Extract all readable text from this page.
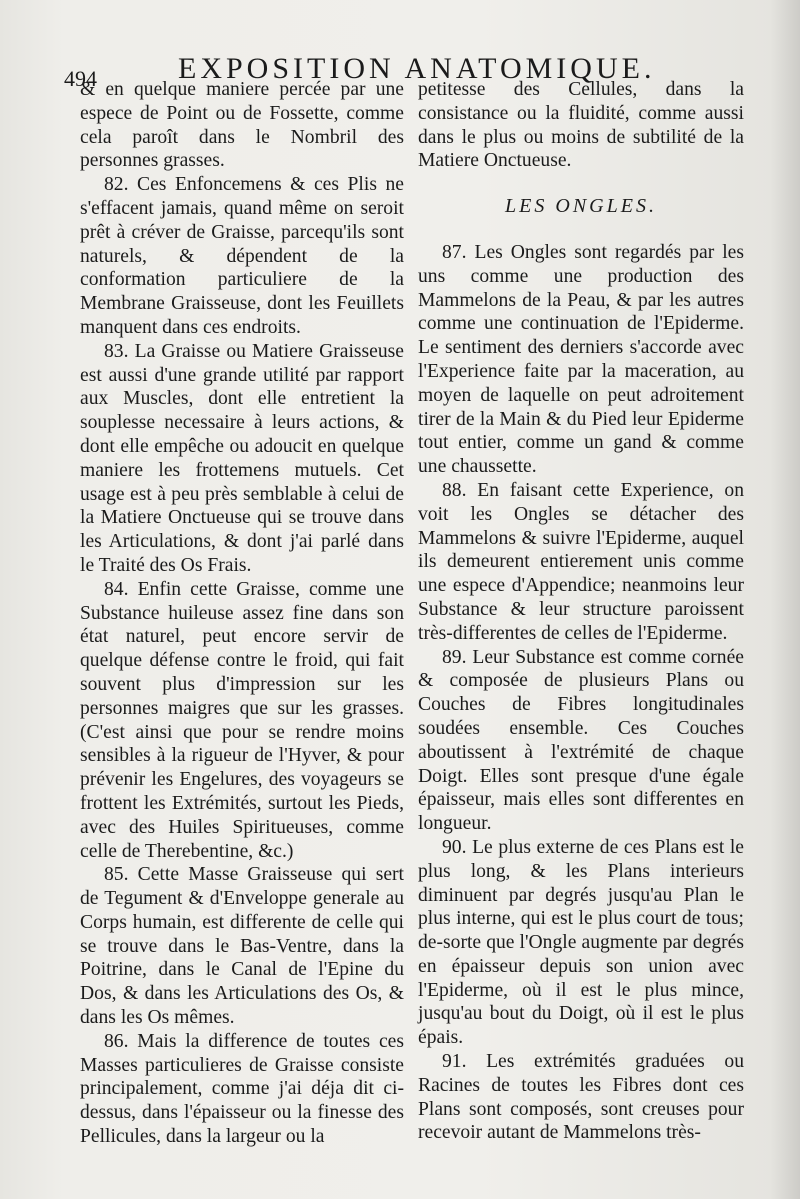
494	EXPOSITION ANATOMIQUE.

& en quelque maniere percée par une espece de Point ou de Fossette, comme cela paroît dans le Nombril des personnes grasses.

82. Ces Enfoncemens & ces Plis ne s'effacent jamais, quand même on seroit prêt à créver de Graisse, parcequ'ils sont naturels, & dépendent de la conformation particuliere de la Membrane Graisseuse, dont les Feuillets manquent dans ces endroits.

83. La Graisse ou Matiere Graisseuse est aussi d'une grande utilité par rapport aux Muscles, dont elle entretient la souplesse necessaire à leurs actions, & dont elle empêche ou adoucit en quelque maniere les frottemens mutuels. Cet usage est à peu près semblable à celui de la Matiere Onctueuse qui se trouve dans les Articulations, & dont j'ai parlé dans le Traité des Os Frais.

84. Enfin cette Graisse, comme une Substance huileuse assez fine dans son état naturel, peut encore servir de quelque défense contre le froid, qui fait souvent plus d'impression sur les personnes maigres que sur les grasses. (C'est ainsi que pour se rendre moins sensibles à la rigueur de l'Hyver, & pour prévenir les Engelures, des voyageurs se frottent les Extrémités, surtout les Pieds, avec des Huiles Spiritueuses, comme celle de Therebentine, &c.)

85. Cette Masse Graisseuse qui sert de Tegument & d'Enveloppe generale au Corps humain, est differente de celle qui se trouve dans le Bas-Ventre, dans la Poitrine, dans le Canal de l'Epine du Dos, & dans les Articulations des Os, & dans les Os mêmes.

86. Mais la difference de toutes ces Masses particulieres de Graisse consiste principalement, comme j'ai déja dit ci-dessus, dans l'épaisseur ou la finesse des Pellicules, dans la largeur ou la

petitesse des Cellules, dans la consistance ou la fluidité, comme aussi dans le plus ou moins de subtilité de la Matiere Onctueuse.

LES ONGLES.

87. Les Ongles sont regardés par les uns comme une production des Mammelons de la Peau, & par les autres comme une continuation de l'Epiderme. Le sentiment des derniers s'accorde avec l'Experience faite par la maceration, au moyen de laquelle on peut adroitement tirer de la Main & du Pied leur Epiderme tout entier, comme un gand & comme une chaussette.

88. En faisant cette Experience, on voit les Ongles se détacher des Mammelons & suivre l'Epiderme, auquel ils demeurent entierement unis comme une espece d'Appendice; neanmoins leur Substance & leur structure paroissent très-differentes de celles de l'Epiderme.

89. Leur Substance est comme cornée & composée de plusieurs Plans ou Couches de Fibres longitudinales soudées ensemble. Ces Couches aboutissent à l'extrémité de chaque Doigt. Elles sont presque d'une égale épaisseur, mais elles sont differentes en longueur.

90. Le plus externe de ces Plans est le plus long, & les Plans interieurs diminuent par degrés jusqu'au Plan le plus interne, qui est le plus court de tous; de-sorte que l'Ongle augmente par degrés en épaisseur depuis son union avec l'Epiderme, où il est le plus mince, jusqu'au bout du Doigt, où il est le plus épais.

91. Les extrémités graduées ou Racines de toutes les Fibres dont ces Plans sont composés, sont creuses pour recevoir autant de Mammelons très-
